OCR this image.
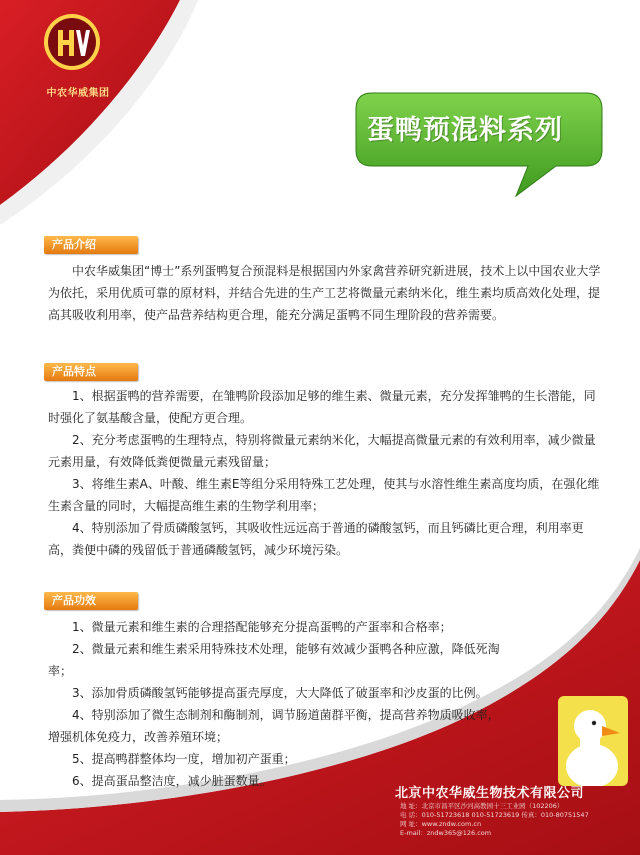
中农华威集团
蛋鸭预混料系列
产品介绍

中农华威集团“博士”系列蛋鸭复合预混料是根据国内外家禽营养研究新进展，技术上以中国农业大学为依托，采用优质可靠的原材料，并结合先进的生产工艺将微量元素纳米化，维生素均质高效化处理，提高其吸收利用率，使产品营养结构更合理，能充分满足蛋鸭不同生理阶段的营养需要。

产品特点

1、根据蛋鸭的营养需要，在雏鸭阶段添加足够的维生素、微量元素，充分发挥雏鸭的生长潜能，同时强化了氨基酸含量，使配方更合理。

2、充分考虑蛋鸭的生理特点，特别将微量元素纳米化，大幅提高微量元素的有效利用率，减少微量元素用量，有效降低粪便微量元素残留量；

3、将维生素A、叶酸、维生素E等组分采用特殊工艺处理，使其与水溶性维生素高度均质，在强化维生素含量的同时，大幅提高维生素的生物学利用率；

4、特别添加了骨质磷酸氢钙，其吸收性远远高于普通的磷酸氢钙，而且钙磷比更合理，利用率更高，粪便中磷的残留低于普通磷酸氢钙，减少环境污染。

产品功效

1、微量元素和维生素的合理搭配能够充分提高蛋鸭的产蛋率和合格率；

2、微量元素和维生素采用特殊技术处理，能够有效减少蛋鸭各种应激，降低死淘率；

3、添加骨质磷酸氢钙能够提高蛋壳厚度，大大降低了破蛋率和沙皮蛋的比例。

4、特别添加了微生态制剂和酶制剂，调节肠道菌群平衡，提高营养物质吸收率，增强机体免疫力，改善养殖环境；

5、提高鸭群整体均一度，增加初产蛋重；

6、提高蛋品整洁度，减少脏蛋数量。

北京中农华威生物技术有限公司
地 址：北京市昌平区沙河高教园十三工业园（102206）
电 话：010-51723618 010-51723619 传真：010-80751547
网 址：www.zndw.com.cn
E-mail：zndw365@126.com
